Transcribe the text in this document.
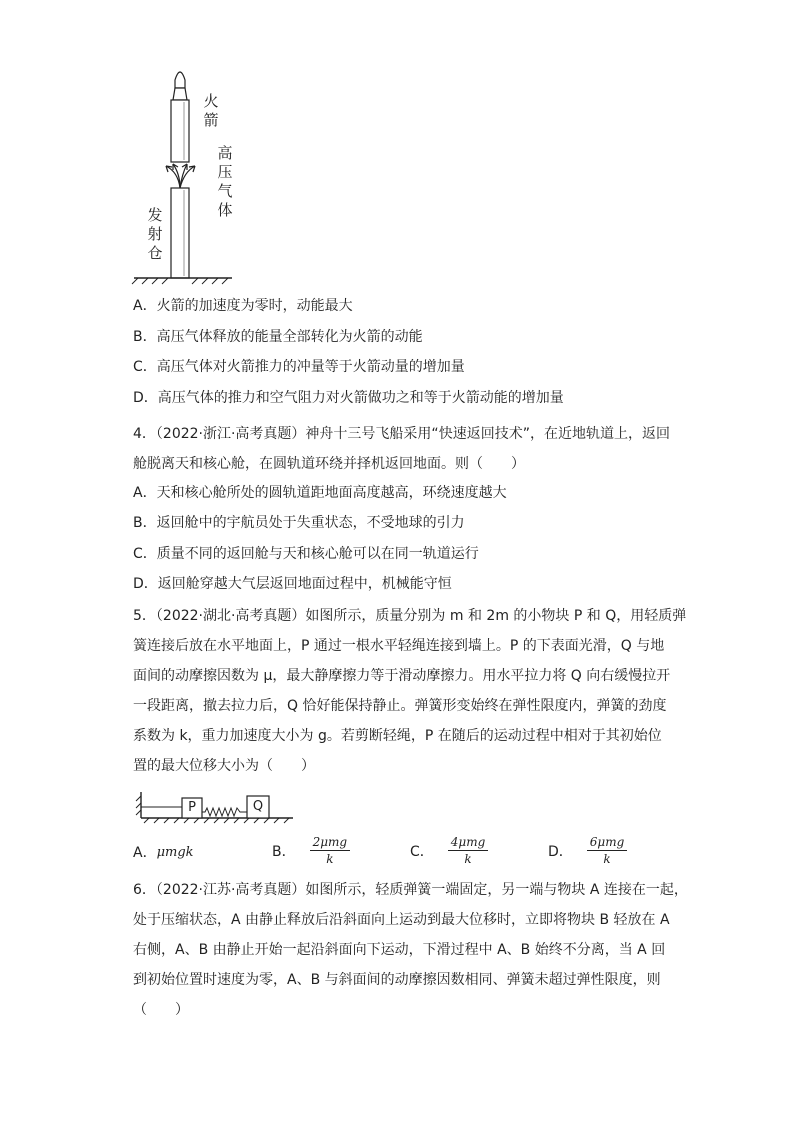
火
箭
高
压
气
体
发
射
仓
A．火箭的加速度为零时，动能最大
B．高压气体释放的能量全部转化为火箭的动能
C．高压气体对火箭推力的冲量等于火箭动量的增加量
D．高压气体的推力和空气阻力对火箭做功之和等于火箭动能的增加量
4．（2022·浙江·高考真题）神舟十三号飞船采用“快速返回技术”，在近地轨道上，返回
舱脱离天和核心舱，在圆轨道环绕并择机返回地面。则（　　）
A．天和核心舱所处的圆轨道距地面高度越高，环绕速度越大
B．返回舱中的宇航员处于失重状态，不受地球的引力
C．质量不同的返回舱与天和核心舱可以在同一轨道运行
D．返回舱穿越大气层返回地面过程中，机械能守恒
5．（2022·湖北·高考真题）如图所示，质量分别为 m 和 2m 的小物块 P 和 Q，用轻质弹
簧连接后放在水平地面上，P 通过一根水平轻绳连接到墙上。P 的下表面光滑，Q 与地
面间的动摩擦因数为 μ，最大静摩擦力等于滑动摩擦力。用水平拉力将 Q 向右缓慢拉开
一段距离，撤去拉力后，Q 恰好能保持静止。弹簧形变始终在弹性限度内，弹簧的劲度
系数为 k，重力加速度大小为 g。若剪断轻绳，P 在随后的运动过程中相对于其初始位
置的最大位移大小为（　　）
P	Q
A． μmgk	B． $\frac{\text{2μmg}}{k}$	C． $\frac{\text{4μmg}}{k}$	D． $\frac{\text{6μmg}}{k}$
6．（2022·江苏·高考真题）如图所示，轻质弹簧一端固定，另一端与物块 A 连接在一起，
处于压缩状态，A 由静止释放后沿斜面向上运动到最大位移时，立即将物块 B 轻放在 A
右侧，A、B 由静止开始一起沿斜面向下运动，下滑过程中 A、B 始终不分离，当 A 回
到初始位置时速度为零，A、B 与斜面间的动摩擦因数相同、弹簧未超过弹性限度，则
（　　）
